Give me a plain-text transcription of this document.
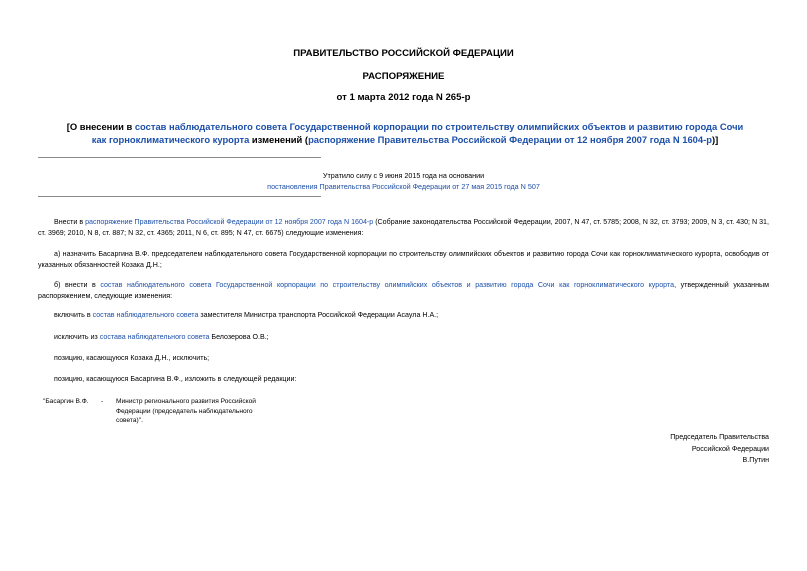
ПРАВИТЕЛЬСТВО РОССИЙСКОЙ ФЕДЕРАЦИИ
РАСПОРЯЖЕНИЕ
от 1 марта 2012 года N 265-р
[О внесении в состав наблюдательного совета Государственной корпорации по строительству олимпийских объектов и развитию города Сочи как горноклиматического курорта изменений (распоряжение Правительства Российской Федерации от 12 ноября 2007 года N 1604-р)]
Утратило силу с 9 июня 2015 года на основании
постановления Правительства Российской Федерации от 27 мая 2015 года N 507
Внести в распоряжение Правительства Российской Федерации от 12 ноября 2007 года N 1604-р (Собрание законодательства Российской Федерации, 2007, N 47, ст. 5785; 2008, N 32, ст. 3793; 2009, N 3, ст. 430; N 31, ст. 3969; 2010, N 8, ст. 887; N 32, ст. 4365; 2011, N 6, ст. 895; N 47, ст. 6675) следующие изменения:
а) назначить Басаргина В.Ф. председателем наблюдательного совета Государственной корпорации по строительству олимпийских объектов и развитию города Сочи как горноклиматического курорта, освободив от указанных обязанностей Козака Д.Н.;
б) внести в состав наблюдательного совета Государственной корпорации по строительству олимпийских объектов и развитию города Сочи как горноклиматического курорта, утвержденный указанным распоряжением, следующие изменения:
включить в состав наблюдательного совета заместителя Министра транспорта Российской Федерации Асаула Н.А.;
исключить из состава наблюдательного совета Белозерова О.В.;
позицию, касающуюся Козака Д.Н., исключить;
позицию, касающуюся Басаргина В.Ф., изложить в следующей редакции:
"Басаргин В.Ф. - Министр регионального развития Российской
Федерации (председатель наблюдательного
совета)".
Председатель Правительства
Российской Федерации
В.Путин
